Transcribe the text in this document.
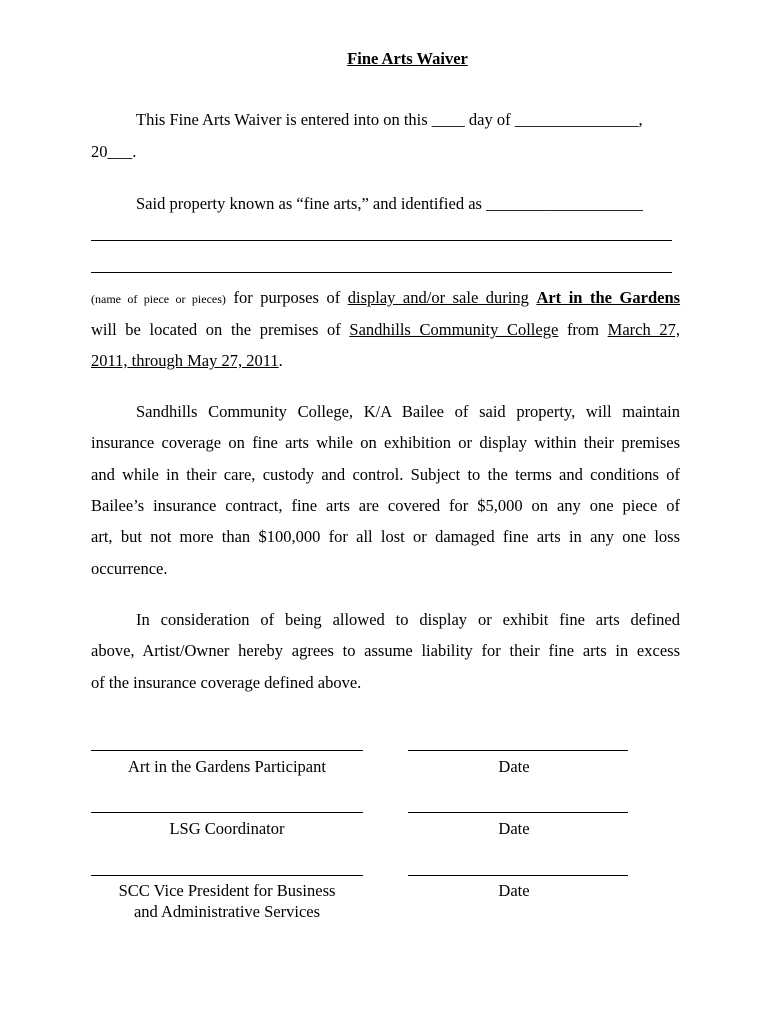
Fine Arts Waiver
This Fine Arts Waiver is entered into on this ____ day of _______________,
20___.
Said property known as “fine arts,” and identified as ___________________
(name of piece or pieces) for purposes of display and/or sale during Art in the Gardens
will be located on the premises of Sandhills Community College from March 27,
2011, through May 27, 2011.
Sandhills Community College, K/A Bailee of said property, will maintain
insurance coverage on fine arts while on exhibition or display within their premises
and while in their care, custody and control. Subject to the terms and conditions of
Bailee’s insurance contract, fine arts are covered for $5,000 on any one piece of
art, but not more than $100,000 for all lost or damaged fine arts in any one loss
occurrence.
In consideration of being allowed to display or exhibit fine arts defined
above, Artist/Owner hereby agrees to assume liability for their fine arts in excess
of the insurance coverage defined above.
Art in the Gardens Participant	Date
LSG Coordinator	Date
SCC Vice President for Business
and Administrative Services
Date
